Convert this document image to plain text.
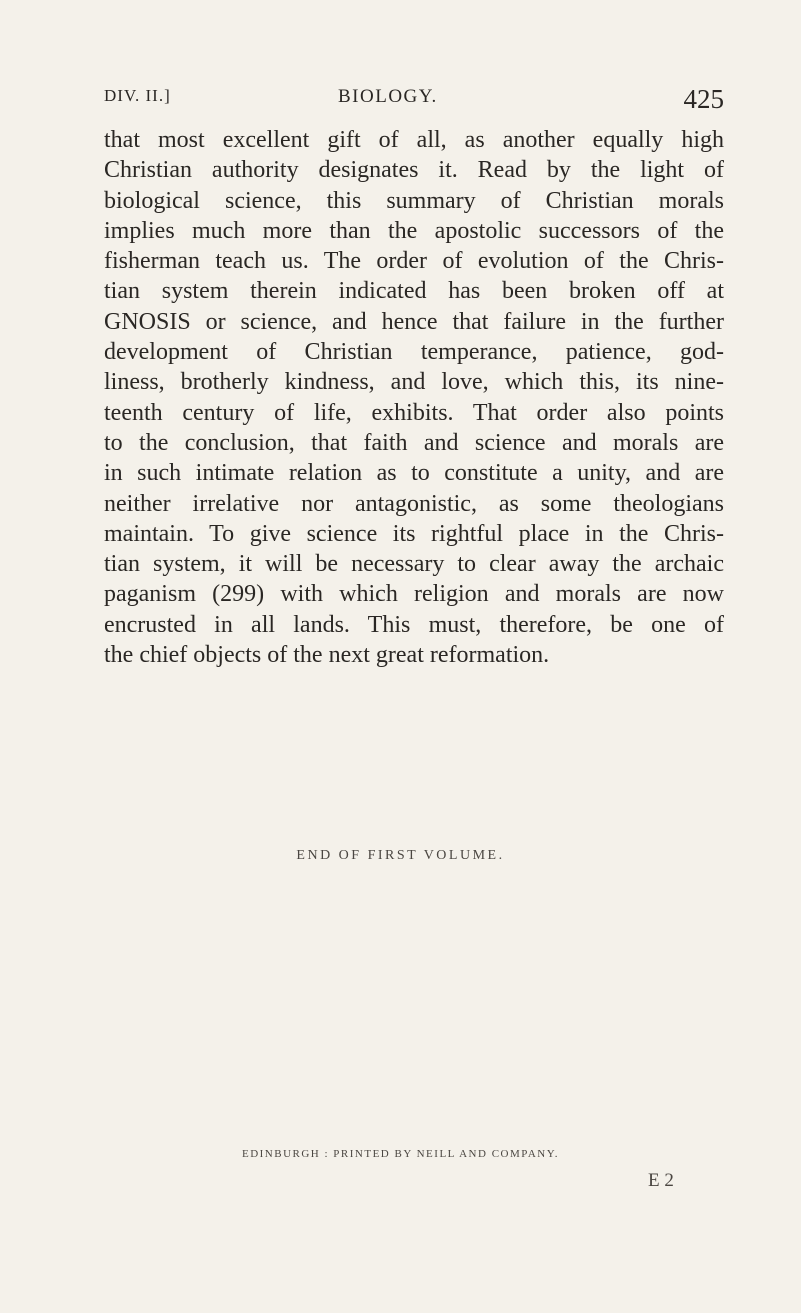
DIV. II.]	BIOLOGY.	425
that most excellent gift of all, as another equally high
Christian authority designates it. Read by the light of
biological science, this summary of Christian morals
implies much more than the apostolic successors of the
fisherman teach us. The order of evolution of the Chris-
tian system therein indicated has been broken off at
GNOSIS or science, and hence that failure in the further
development of Christian temperance, patience, god-
liness, brotherly kindness, and love, which this, its nine-
teenth century of life, exhibits. That order also points
to the conclusion, that faith and science and morals are
in such intimate relation as to constitute a unity, and are
neither irrelative nor antagonistic, as some theologians
maintain. To give science its rightful place in the Chris-
tian system, it will be necessary to clear away the archaic
paganism (299) with which religion and morals are now
encrusted in all lands. This must, therefore, be one of
the chief objects of the next great reformation.
END OF FIRST VOLUME.
EDINBURGH : PRINTED BY NEILL AND COMPANY.
E 2
